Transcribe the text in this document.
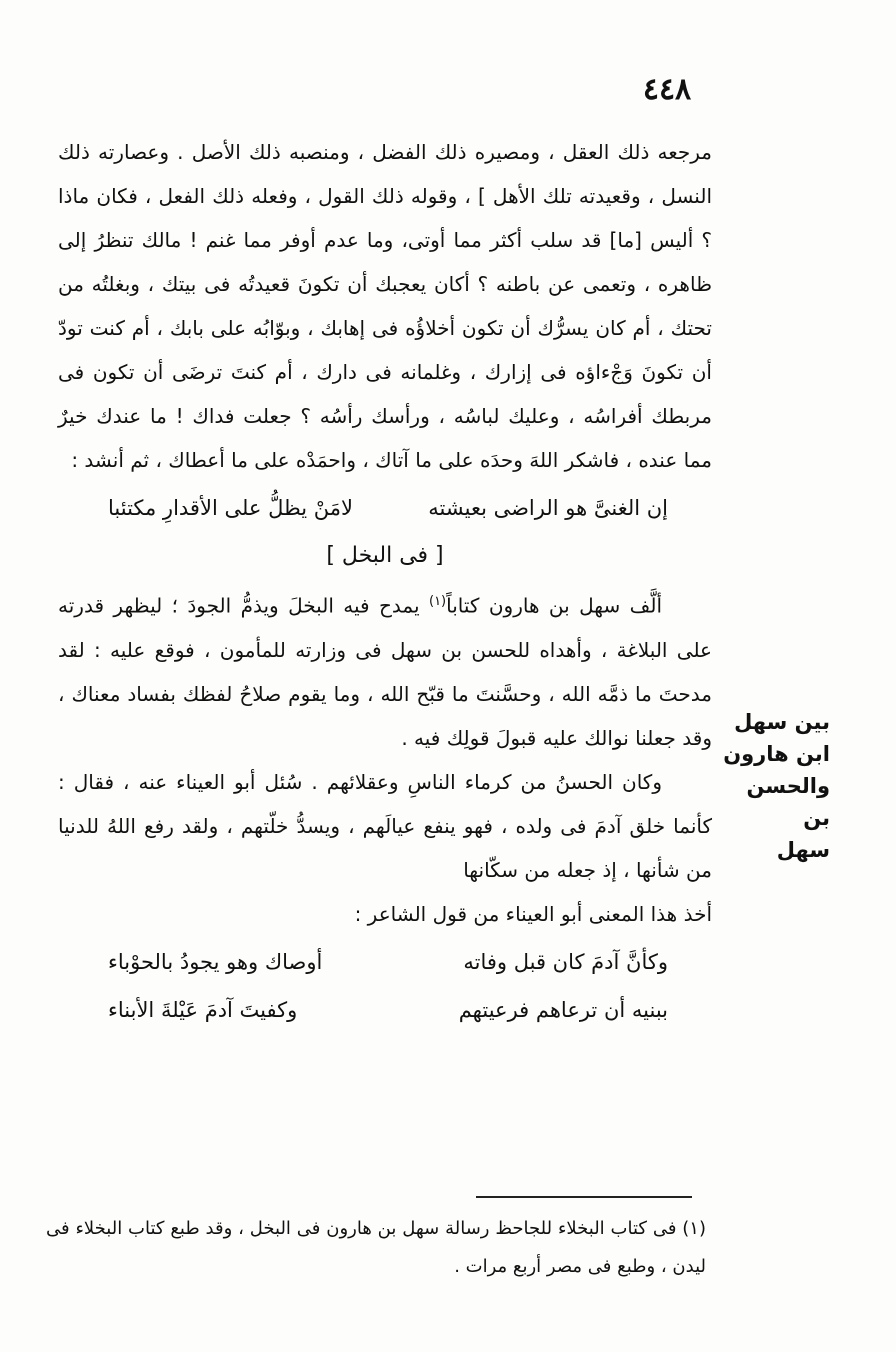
٤٤٨

مرجعه ذلك العقل ، ومصيره ذلك الفضل ، ومنصبه ذلك الأصل . وعصارته ذلك النسل ، وقعيدته تلك الأهل ] ، وقوله ذلك القول ، وفعله ذلك الفعل ، فكان ماذا ؟ أليس [ما] قد سلب أكثر مما أوتى، وما عدم أوفر مما غنم ! مالك تنظرُ إلى ظاهره ، وتعمى عن باطنه ؟ أكان يعجبك أن تكونَ قعيدتُه فى بيتك ، وبغلتُه من تحتك ، أم كان يسرُّك أن تكون أخلاؤُه فى إهابك ، وبوّابُه على بابك ، أم كنت تودّ أن تكونَ وَجْءاؤه فى إزارك ، وغلمانه فى دارك ، أم كنتَ ترضَى أن تكون فى مربطك أفراسُه ، وعليك لباسُه ، ورأسك رأسُه ؟ جعلت فداك ! ما عندك خيرٌ مما عنده ، فاشكر اللهَ وحدَه على ما آتاك ، واحمَدْه على ما أعطاك ، ثم أنشد :

إن الغنىَّ هو الراضى بعيشته
لامَنْ يظلُّ على الأقدارِ مكتئبا
[ فى البخل ]

ألَّف سهل بن هارون كتاباً$^{(١)}$ يمدح فيه البخلَ ويذمُّ الجودَ ؛ ليظهر قدرته على البلاغة ، وأهداه للحسن بن سهل فى وزارته للمأمون ، فوقع عليه : لقد مدحتَ ما ذمَّه الله ، وحسَّنتَ ما قبّح الله ، وما يقوم صلاحُ لفظك بفساد معناك ، وقد جعلنا نوالك عليه قبولَ قولِك فيه .

وكان الحسنُ من كرماء الناسِ وعقلائهم . سُئل أبو العيناء عنه ، فقال : كأنما خلق آدمَ فى ولده ، فهو ينفع عيالَهم ، ويسدُّ خلّتهم ، ولقد رفع اللهُ للدنيا من شأنها ، إذ جعله من سكّانها

أخذ هذا المعنى أبو العيناء من قول الشاعر :

وكأنَّ آدمَ كان قبل وفاته
أوصاك وهو يجودُ بالحوْباء
ببنيه أن ترعاهم فرعيتهم
وكفيتَ آدمَ عَيْلةَ الأبناء
بين سهل
ابن هارون
والحسن بن
سهل

(١) فى كتاب البخلاء للجاحظ رسالة سهل بن هارون فى البخل ، وقد طبع كتاب البخلاء فى ليدن ، وطبع فى مصر أربع مرات .
